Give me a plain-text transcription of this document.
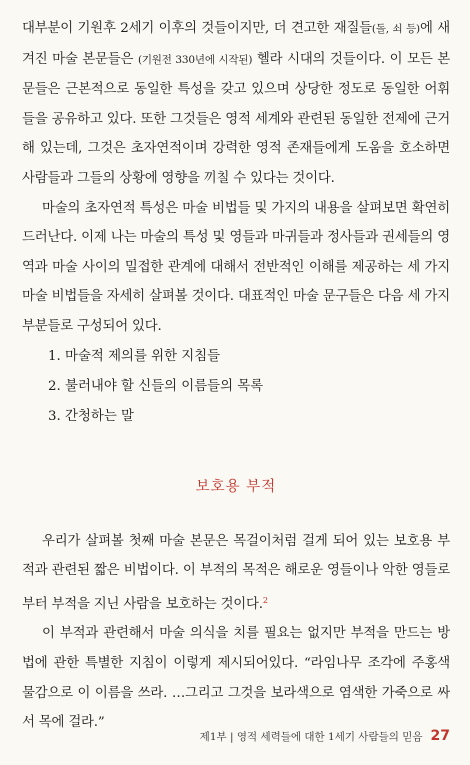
대부분이 기원후 2세기 이후의 것들이지만, 더 견고한 재질들(돌, 쇠 등)에 새겨진 마술 본문들은 (기원전 330년에 시작된) 헬라 시대의 것들이다. 이 모든 본문들은 근본적으로 동일한 특성을 갖고 있으며 상당한 정도로 동일한 어휘들을 공유하고 있다. 또한 그것들은 영적 세계와 관련된 동일한 전제에 근거해 있는데, 그것은 초자연적이며 강력한 영적 존재들에게 도움을 호소하면 사람들과 그들의 상황에 영향을 끼칠 수 있다는 것이다.

마술의 초자연적 특성은 마술 비법들 및 가지의 내용을 살펴보면 확연히 드러난다. 이제 나는 마술의 특성 및 영들과 마귀들과 정사들과 권세들의 영역과 마술 사이의 밀접한 관계에 대해서 전반적인 이해를 제공하는 세 가지 마술 비법들을 자세히 살펴볼 것이다. 대표적인 마술 문구들은 다음 세 가지 부분들로 구성되어 있다.

1. 마술적 제의를 위한 지침들
2. 불러내야 할 신들의 이름들의 목록
3. 간청하는 말
보호용 부적

우리가 살펴볼 첫째 마술 본문은 목걸이처럼 걸게 되어 있는 보호용 부적과 관련된 짧은 비법이다. 이 부적의 목적은 해로운 영들이나 악한 영들로부터 부적을 지닌 사람을 보호하는 것이다.$^2$

이 부적과 관련해서 마술 의식을 치를 필요는 없지만 부적을 만드는 방법에 관한 특별한 지침이 이렇게 제시되어있다. “라임나무 조각에 주홍색 물감으로 이 이름을 쓰라. …그리고 그것을 보라색으로 염색한 가죽으로 싸서 목에 걸라.”

제1부 | 영적 세력들에 대한 1세기 사람들의 믿음 27
